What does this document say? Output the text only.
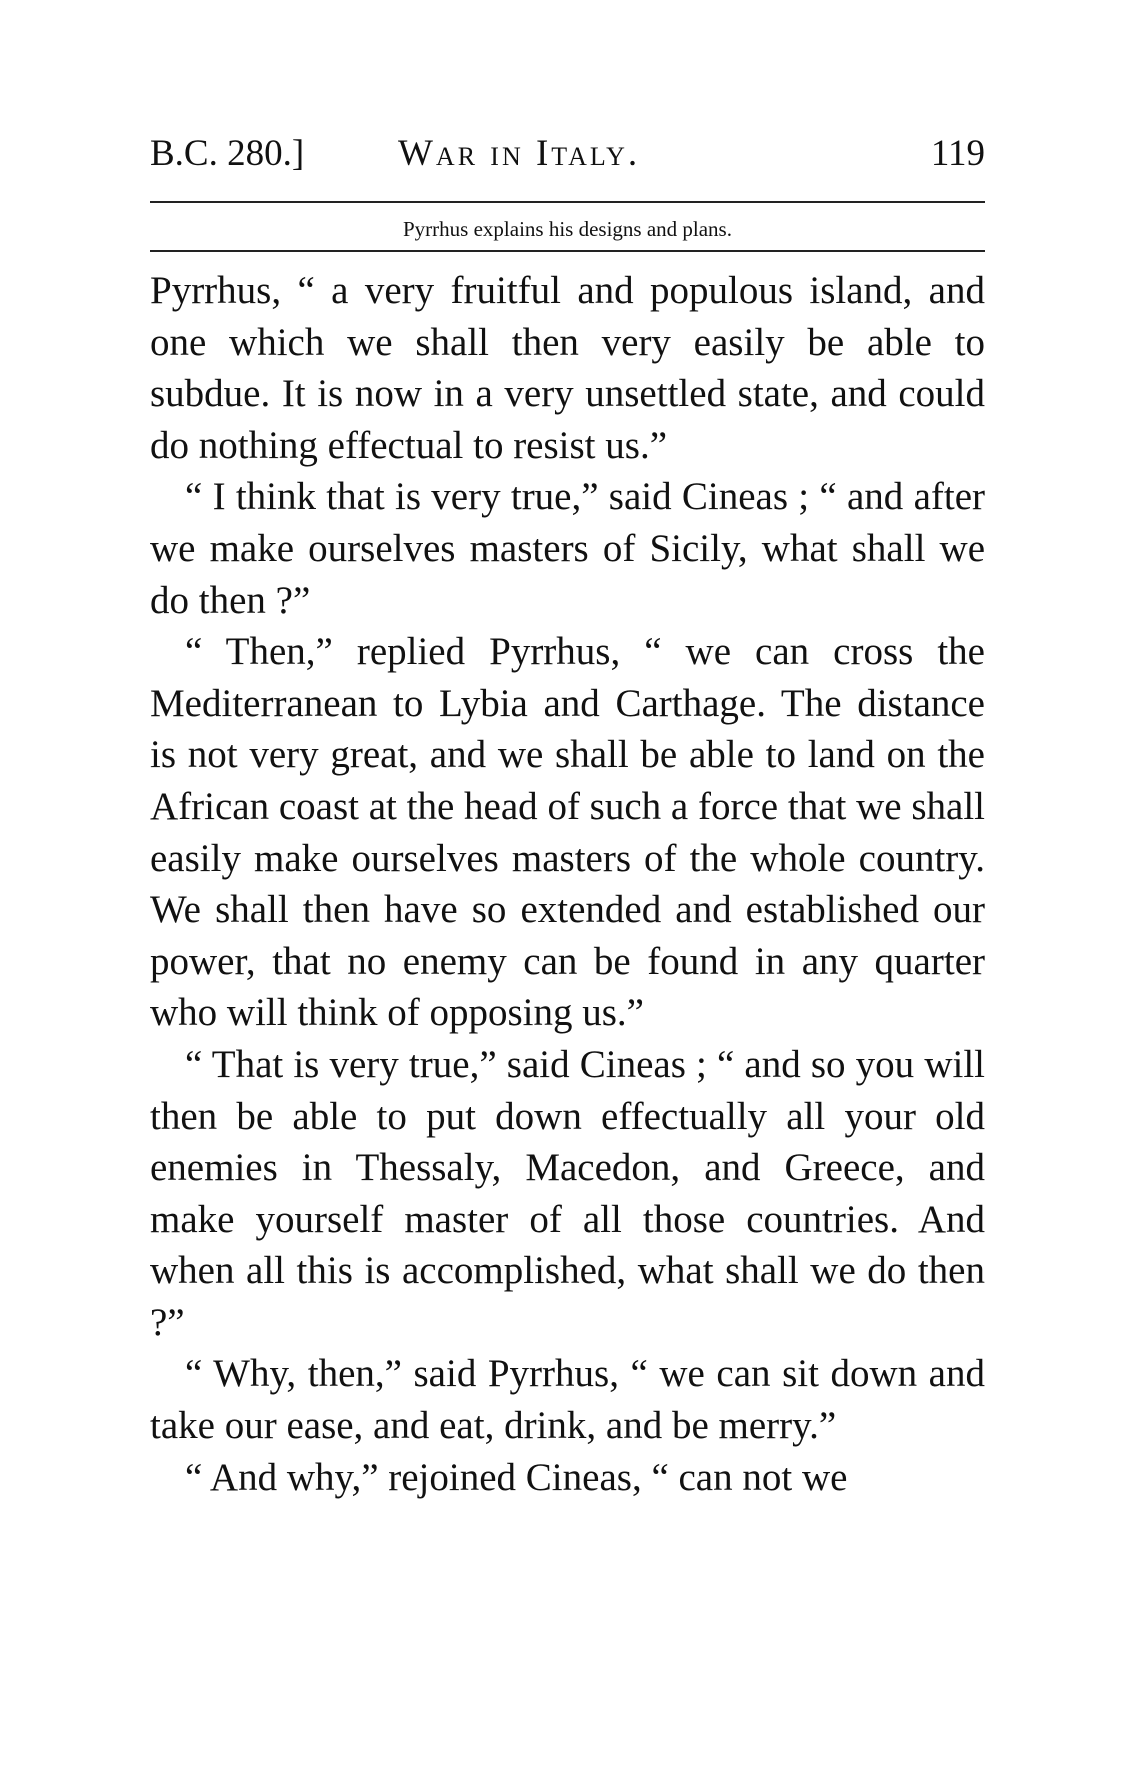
B.C. 280.]	War in Italy.	119
Pyrrhus explains his designs and plans.

Pyrrhus, “ a very fruitful and populous island, and one which we shall then very easily be able to subdue. It is now in a very unsettled state, and could do nothing effectual to resist us.”

“ I think that is very true,” said Cineas ; “ and after we make ourselves masters of Sicily, what shall we do then ?”

“ Then,” replied Pyrrhus, “ we can cross the Mediterranean to Lybia and Carthage. The distance is not very great, and we shall be able to land on the African coast at the head of such a force that we shall easily make ourselves masters of the whole country. We shall then have so extended and established our power, that no enemy can be found in any quarter who will think of opposing us.”

“ That is very true,” said Cineas ; “ and so you will then be able to put down effectually all your old enemies in Thessaly, Macedon, and Greece, and make yourself master of all those countries. And when all this is accomplished, what shall we do then ?”

“ Why, then,” said Pyrrhus, “ we can sit down and take our ease, and eat, drink, and be merry.”

“ And why,” rejoined Cineas, “ can not we
